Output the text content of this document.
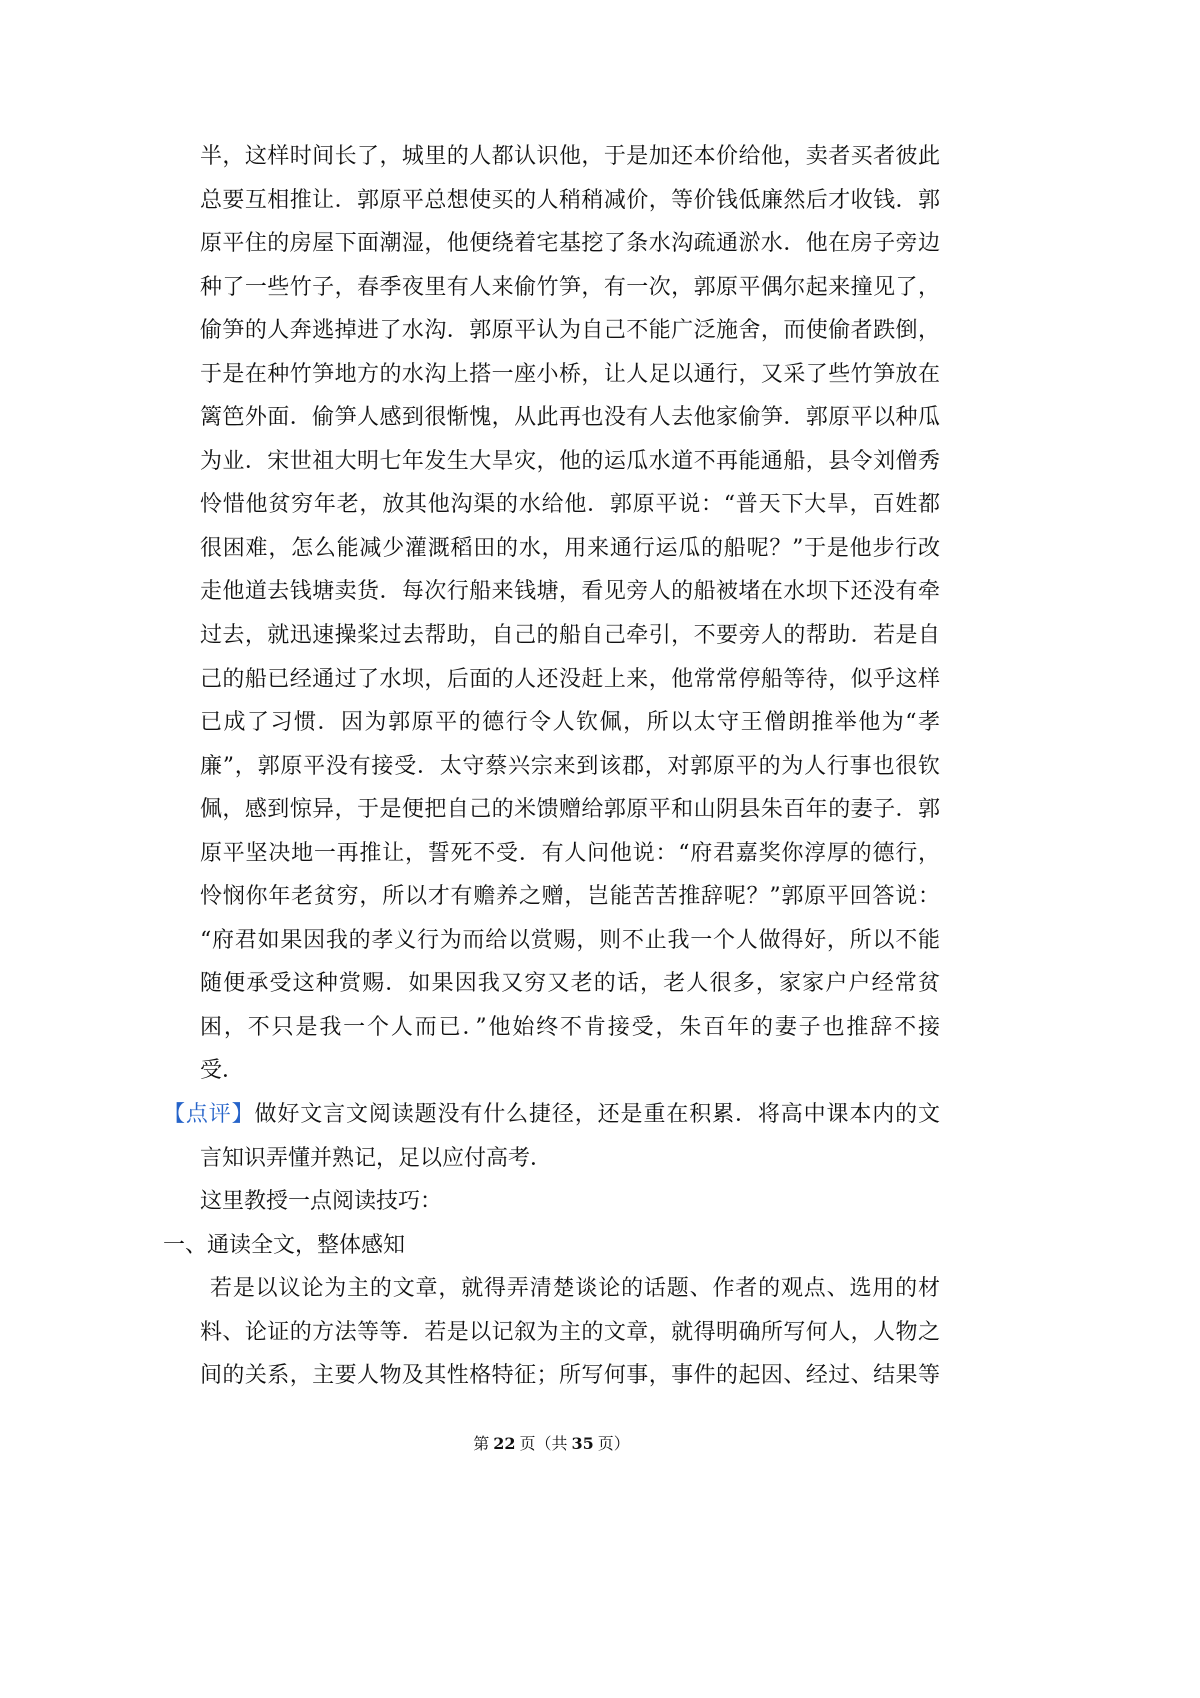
半，这样时间长了，城里的人都认识他，于是加还本价给他，卖者买者彼此
总要互相推让．郭原平总想使买的人稍稍减价，等价钱低廉然后才收钱．郭
原平住的房屋下面潮湿，他便绕着宅基挖了条水沟疏通淤水．他在房子旁边
种了一些竹子，春季夜里有人来偷竹笋，有一次，郭原平偶尔起来撞见了，
偷笋的人奔逃掉进了水沟．郭原平认为自己不能广泛施舍，而使偷者跌倒，
于是在种竹笋地方的水沟上搭一座小桥，让人足以通行，又采了些竹笋放在
篱笆外面．偷笋人感到很惭愧，从此再也没有人去他家偷笋．郭原平以种瓜
为业．宋世祖大明七年发生大旱灾，他的运瓜水道不再能通船，县令刘僧秀
怜惜他贫穷年老，放其他沟渠的水给他．郭原平说：“普天下大旱，百姓都
很困难，怎么能减少灌溉稻田的水，用来通行运瓜的船呢？”于是他步行改
走他道去钱塘卖货．每次行船来钱塘，看见旁人的船被堵在水坝下还没有牵
过去，就迅速操桨过去帮助，自己的船自己牵引，不要旁人的帮助．若是自
己的船已经通过了水坝，后面的人还没赶上来，他常常停船等待，似乎这样
已成了习惯．因为郭原平的德行令人钦佩，所以太守王僧朗推举他为“孝
廉”，郭原平没有接受．太守蔡兴宗来到该郡，对郭原平的为人行事也很钦
佩，感到惊异，于是便把自己的米馈赠给郭原平和山阴县朱百年的妻子．郭
原平坚决地一再推让，誓死不受．有人问他说：“府君嘉奖你淳厚的德行，
怜悯你年老贫穷，所以才有赡养之赠，岂能苦苦推辞呢？”郭原平回答说：
“府君如果因我的孝义行为而给以赏赐，则不止我一个人做得好，所以不能
随便承受这种赏赐．如果因我又穷又老的话，老人很多，家家户户经常贫
困，不只是我一个人而已．”他始终不肯接受，朱百年的妻子也推辞不接
受．
【点评】做好文言文阅读题没有什么捷径，还是重在积累．将高中课本内的文
言知识弄懂并熟记，足以应付高考．
这里教授一点阅读技巧：
一、通读全文，整体感知
若是以议论为主的文章，就得弄清楚谈论的话题、作者的观点、选用的材
料、论证的方法等等．若是以记叙为主的文章，就得明确所写何人，人物之
间的关系，主要人物及其性格特征；所写何事，事件的起因、经过、结果等
第 22 页（共 35 页）
